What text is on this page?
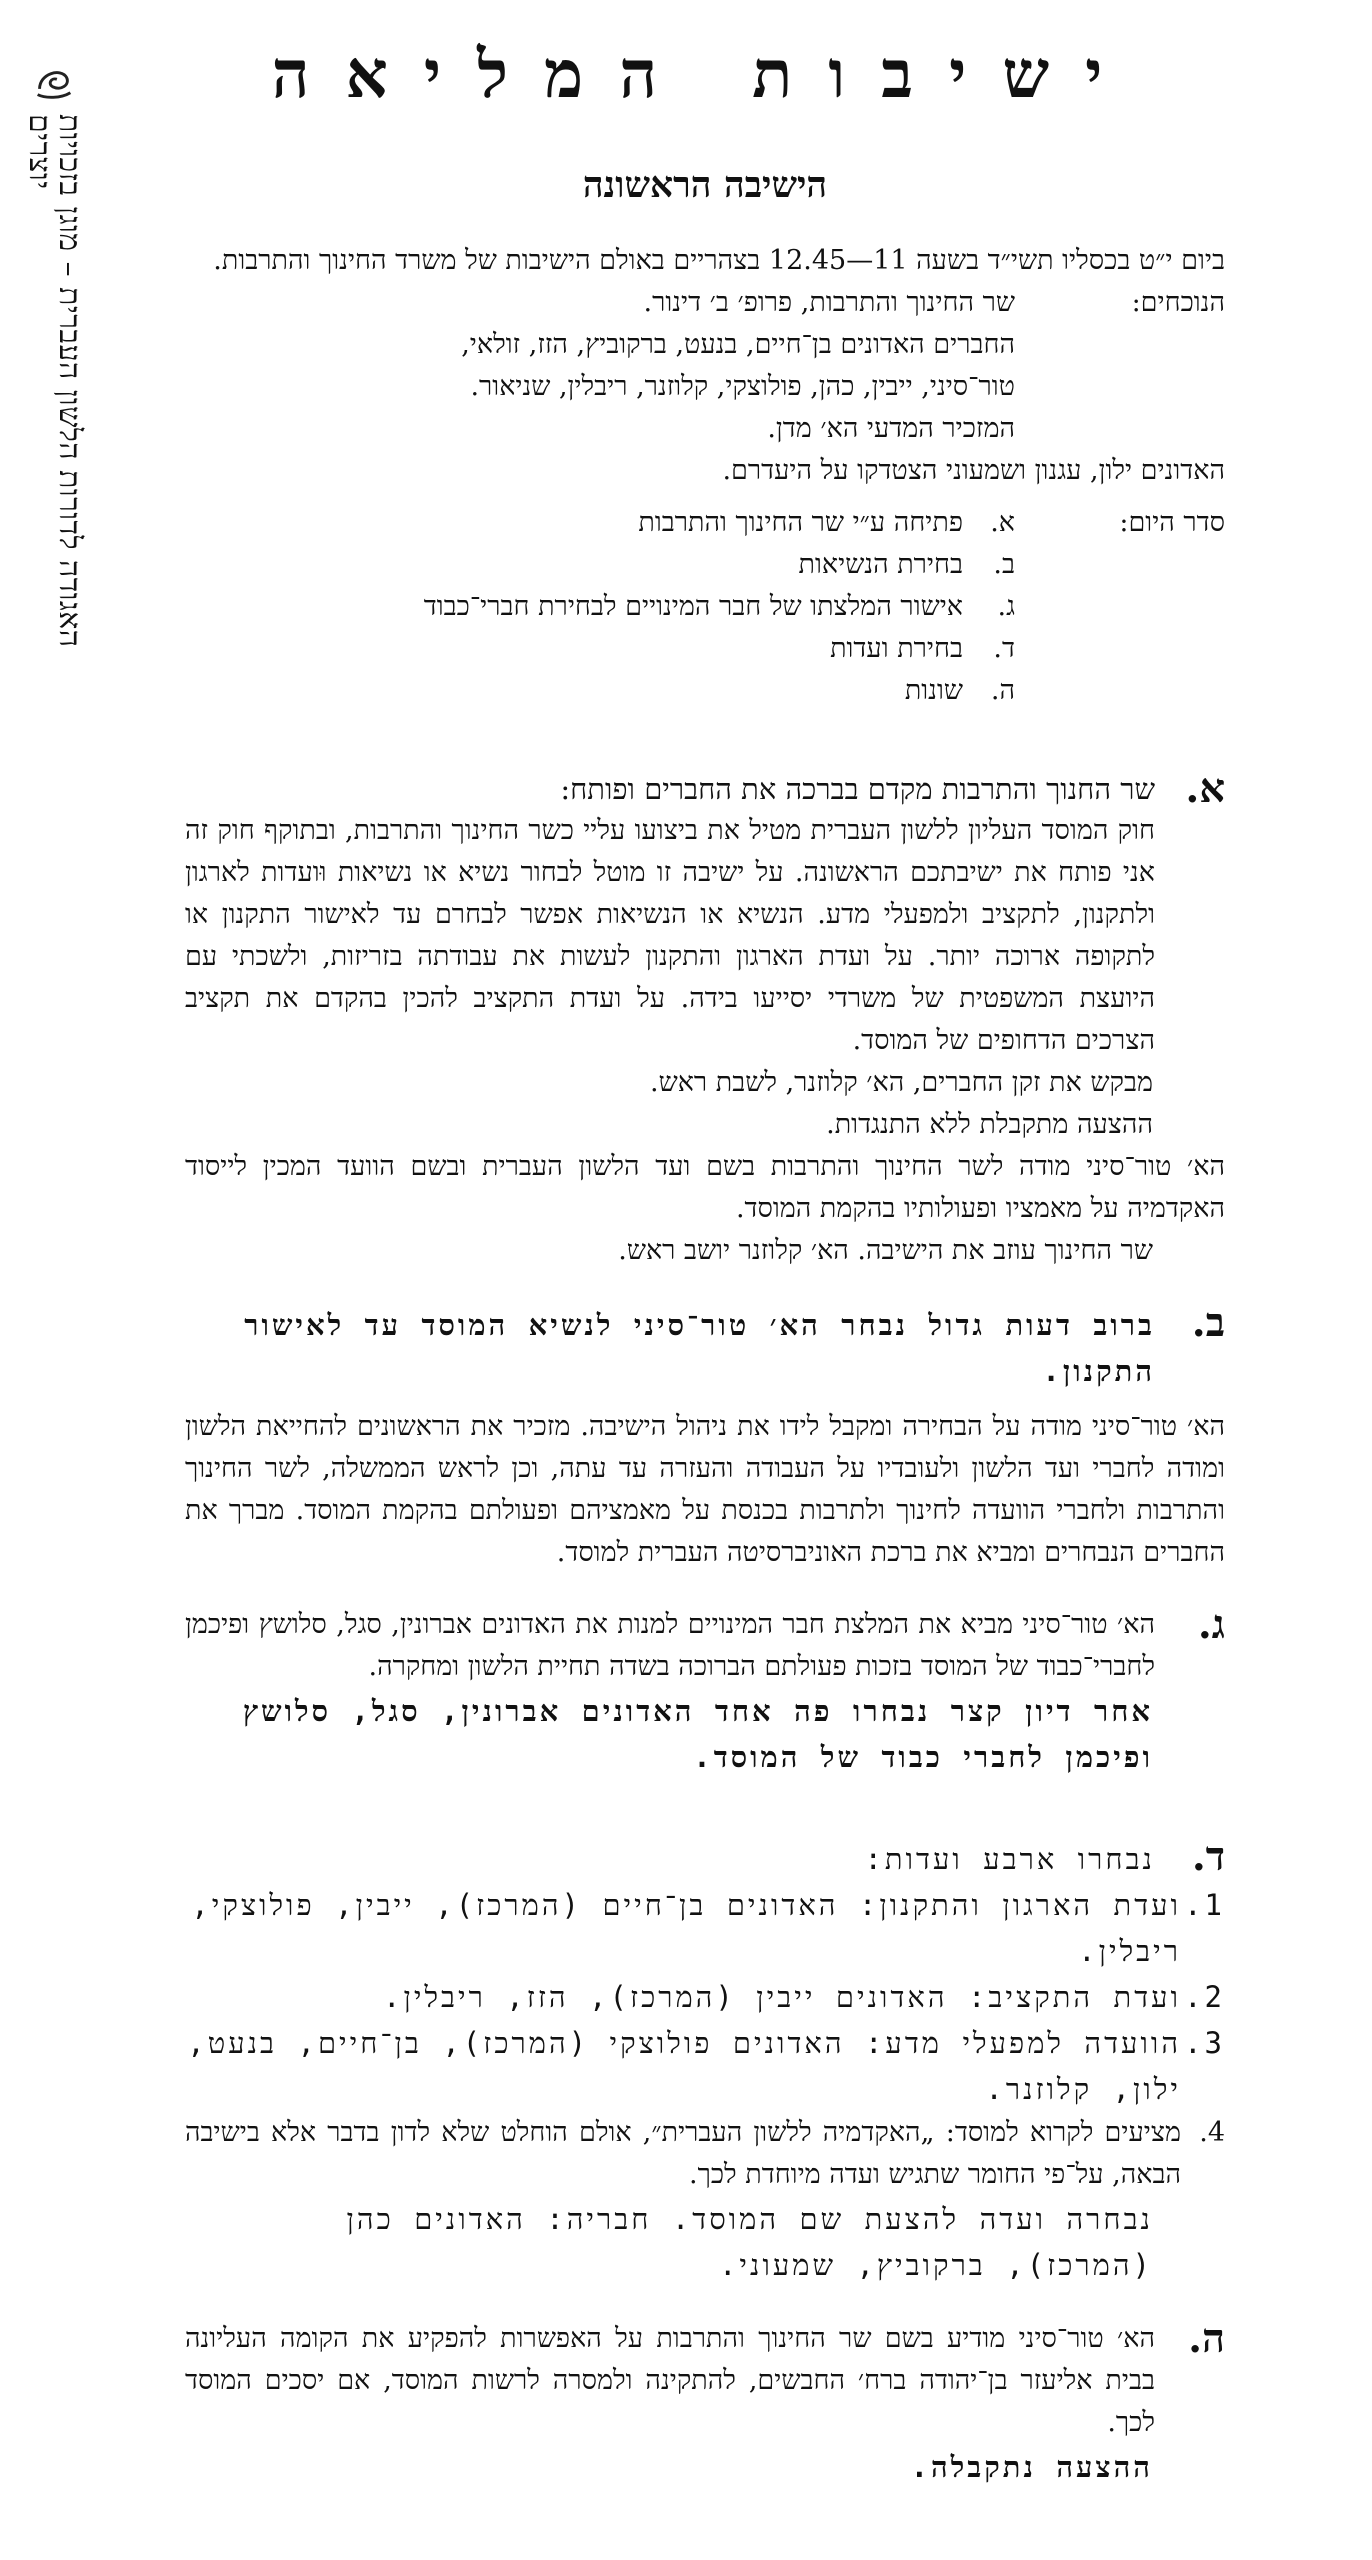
האגודה לדורות הלשון העברית – מוגן בזכויות יוצרים
ישיבות המליאה
הישיבה הראשונה

ביום י״ט בכסליו תשי״ד בשעה 11—12.45 בצהריים באולם הישיבות של משרד החינוך והתרבות.

הנוכחים:
שר החינוך והתרבות, פרופ׳ ב׳ דינור.
החברים האדונים בן־חיים, בנעט, ברקוביץ, הזז, זולאי,
טור־סיני, ייבין, כהן, פולוצקי, קלוזנר, ריבלין, שניאור.
המזכיר המדעי הא׳ מדן.
האדונים ילון, עגנון ושמעוני הצטדקו על היעדרם.
סדר היום:
א.
פתיחה ע״י שר החינוך והתרבות
ב.
בחירת הנשיאות
ג.
אישור המלצתו של חבר המינויים לבחירת חברי־כבוד
ד.
בחירת ועדות
ה.
שונות
א.
שר החנוך והתרבות מקדם בברכה את החברים ופותח:

חוק המוסד העליון ללשון העברית מטיל את ביצועו עליי כשר החינוך והתרבות, ובתוקף חוק זה אני פותח את ישיבתכם הראשונה. על ישיבה זו מוטל לבחור נשיא או נשיאות וּועדות לארגון ולתקנון, לתקציב ולמפעלי מדע. הנשיא או הנשיאות אפשר לבחרם עד לאישור התקנון או לתקופה ארוכה יותר. על ועדת הארגון והתקנון לעשות את עבודתה בזריזות, ולשכתי עם היועצת המשפטית של משרדי יסייעו בידה. על ועדת התקציב להכין בהקדם את תקציב הצרכים הדחופים של המוסד.

מבקש את זקן החברים, הא׳ קלוזנר, לשבת ראש.

ההצעה מתקבלת ללא התנגדות.

הא׳ טור־סיני מודה לשר החינוך והתרבות בשם ועד הלשון העברית ובשם הוועד המכין לייסוד האקדמיה על מאמציו ופעולותיו בהקמת המוסד.

שר החינוך עוזב את הישיבה. הא׳ קלוזנר יושב ראש.

ב.
ברוב דעות גדול נבחר הא׳ טור־סיני לנשיא המוסד עד לאישור התקנון.

הא׳ טור־סיני מודה על הבחירה ומקבל לידו את ניהול הישיבה. מזכיר את הראשונים להחייאת הלשון ומודה לחברי ועד הלשון ולעובדיו על העבודה והעזרה עד עתה, וכן לראש הממשלה, לשר החינוך והתרבות ולחברי הוועדה לחינוך ולתרבות בכנסת על מאמציהם ופעולתם בהקמת המוסד. מברך את החברים הנבחרים ומביא את ברכת האוניברסיטה העברית למוסד.

ג.
הא׳ טור־סיני מביא את המלצת חבר המינויים למנות את האדונים אברונין, סגל, סלושץ ופיכמן לחברי־כבוד של המוסד בזכות פעולתם הברוכה בשדה תחיית הלשון ומחקרה.

אחר דיון קצר נבחרו פה אחד האדונים אברונין, סגל, סלושץ ופיכמן לחברי כבוד של המוסד.

ד.
נבחרו ארבע ועדות:
1.
ועדת הארגון והתקנון: האדונים בן־חיים (המרכז), ייבין, פולוצקי, ריבלין.
2.
ועדת התקציב: האדונים ייבין (המרכז), הזז, ריבלין.
3.
הוועדה למפעלי מדע: האדונים פולוצקי (המרכז), בן־חיים, בנעט, ילון, קלוזנר.
4.
מציעים לקרוא למוסד: „האקדמיה ללשון העברית״, אולם הוחלט שלא לדון בדבר אלא בישיבה הבאה, על־פי החומר שתגיש ועדה מיוחדת לכך.

נבחרה ועדה להצעת שם המוסד. חבריה: האדונים כהן (המרכז), ברקוביץ, שמעוני.

ה.
הא׳ טור־סיני מודיע בשם שר החינוך והתרבות על האפשרות להפקיע את הקומה העליונה בבית אליעזר בן־יהודה ברח׳ החבשים, להתקינה ולמסרה לרשות המוסד, אם יסכים המוסד לכך.

ההצעה נתקבלה.
